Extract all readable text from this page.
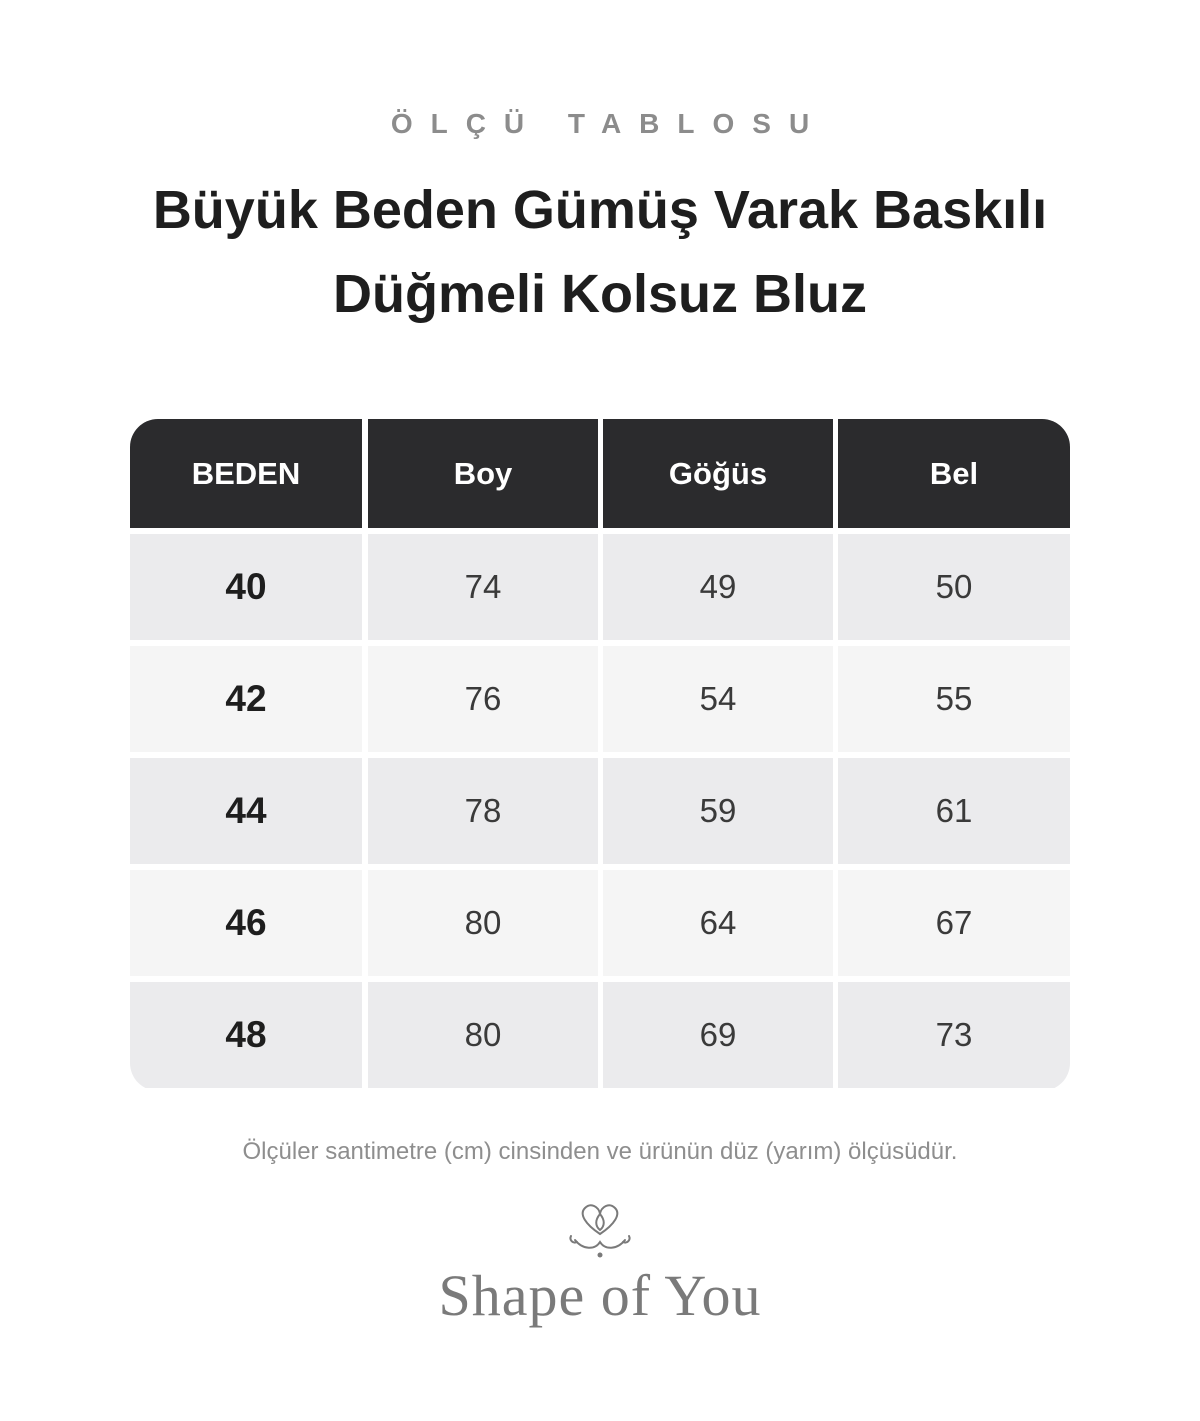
ÖLÇÜ TABLOSU
Büyük Beden Gümüş Varak Baskılı
Düğmeli Kolsuz Bluz
BEDEN	Boy	Göğüs	Bel
40	74	49	50
42	76	54	55
44	78	59	61
46	80	64	67
48	80	69	73
Ölçüler santimetre (cm) cinsinden ve ürünün düz (yarım) ölçüsüdür.
Shape of You
